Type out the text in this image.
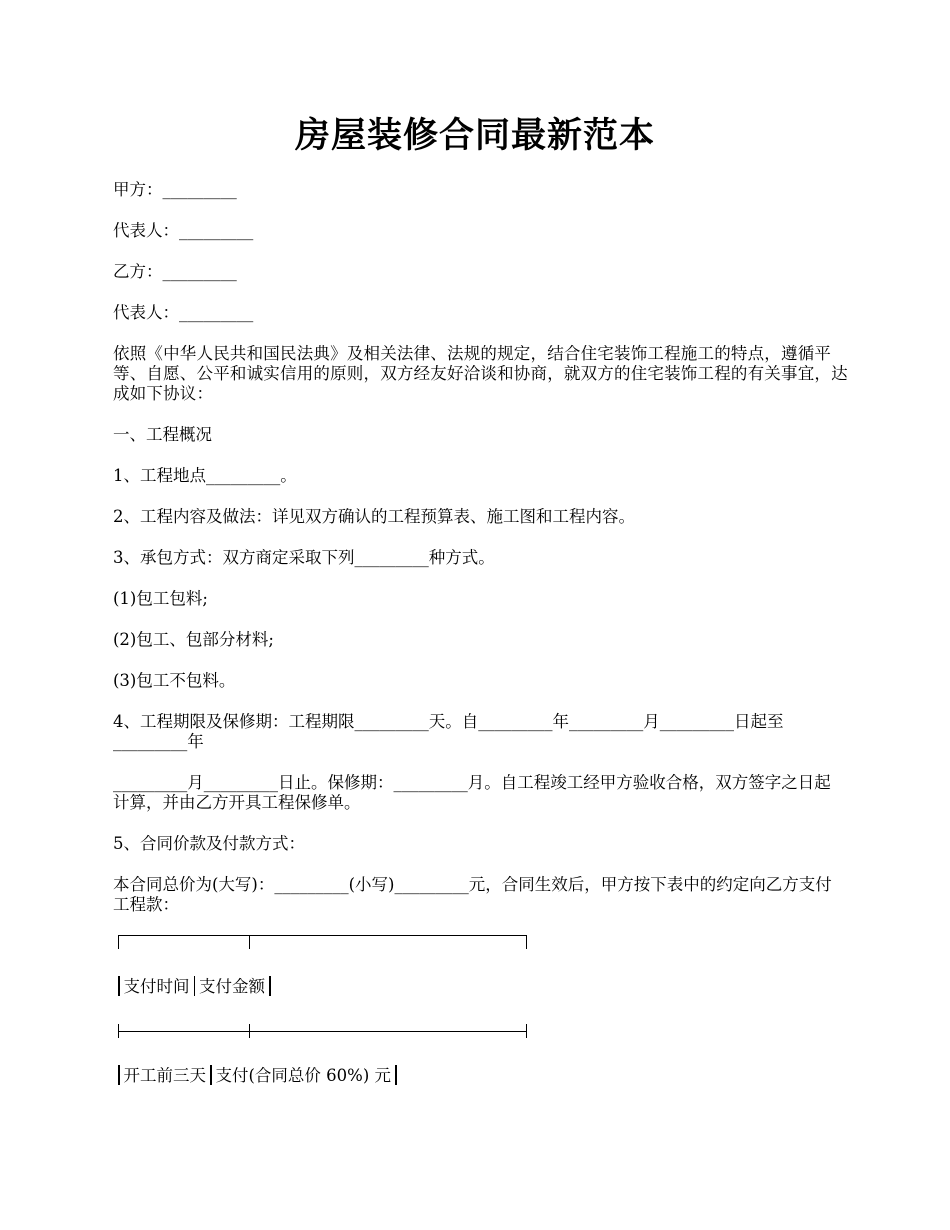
房屋装修合同最新范本

甲方：_________

代表人：_________

乙方：_________

代表人：_________

依照《中华人民共和国民法典》及相关法律、法规的规定，结合住宅装饰工程施工的特点，遵循平等、自愿、公平和诚实信用的原则，双方经友好洽谈和协商，就双方的住宅装饰工程的有关事宜，达成如下协议：

一、工程概况

1、工程地点_________。

2、工程内容及做法：详见双方确认的工程预算表、施工图和工程内容。

3、承包方式：双方商定采取下列_________种方式。

(1)包工包料;

(2)包工、包部分材料;

(3)包工不包料。

4、工程期限及保修期：工程期限_________天。自_________年_________月_________日起至_________年

_________月_________日止。保修期：_________月。自工程竣工经甲方验收合格，双方签字之日起计算，并由乙方开具工程保修单。

5、合同价款及付款方式：

本合同总价为(大写)：_________(小写)_________元，合同生效后，甲方按下表中的约定向乙方支付工程款：

支付时间 支付金额
开工前三天 支付(合同总价 60%) 元
